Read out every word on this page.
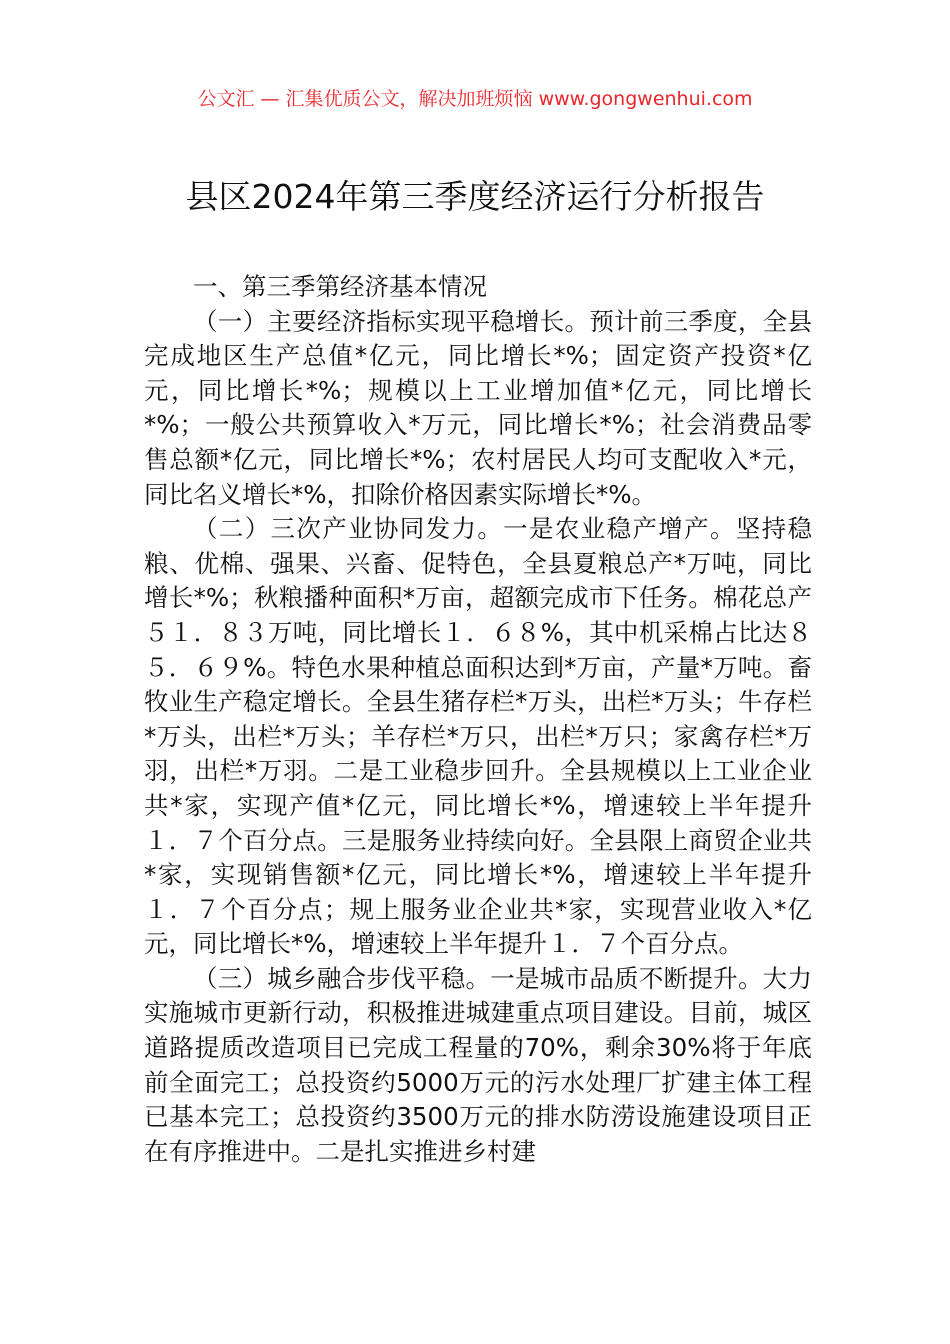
公文汇 — 汇集优质公文，解决加班烦恼 www.gongwenhui.com
县区2024年第三季度经济运行分析报告

一、第三季第经济基本情况

（一）主要经济指标实现平稳增长。预计前三季度，全县完成地区生产总值*亿元，同比增长*%；固定资产投资*亿元，同比增长*%；规模以上工业增加值*亿元，同比增长*%；一般公共预算收入*万元，同比增长*%；社会消费品零售总额*亿元，同比增长*%；农村居民人均可支配收入*元，同比名义增长*%，扣除价格因素实际增长*%。

（二）三次产业协同发力。一是农业稳产增产。坚持稳粮、优棉、强果、兴畜、促特色，全县夏粮总产*万吨，同比增长*%；秋粮播种面积*万亩，超额完成市下任务。棉花总产５１．８３万吨，同比增长１．６８%，其中机采棉占比达８５．６９%。特色水果种植总面积达到*万亩，产量*万吨。畜牧业生产稳定增长。全县生猪存栏*万头，出栏*万头；牛存栏*万头，出栏*万头；羊存栏*万只，出栏*万只；家禽存栏*万羽，出栏*万羽。二是工业稳步回升。全县规模以上工业企业共*家，实现产值*亿元，同比增长*%，增速较上半年提升１．７个百分点。三是服务业持续向好。全县限上商贸企业共*家，实现销售额*亿元，同比增长*%，增速较上半年提升１．７个百分点；规上服务业企业共*家，实现营业收入*亿元，同比增长*%，增速较上半年提升１．７个百分点。

（三）城乡融合步伐平稳。一是城市品质不断提升。大力实施城市更新行动，积极推进城建重点项目建设。目前，城区道路提质改造项目已完成工程量的70%，剩余30%将于年底前全面完工；总投资约5000万元的污水处理厂扩建主体工程已基本完工；总投资约3500万元的排水防涝设施建设项目正在有序推进中。二是扎实推进乡村建
